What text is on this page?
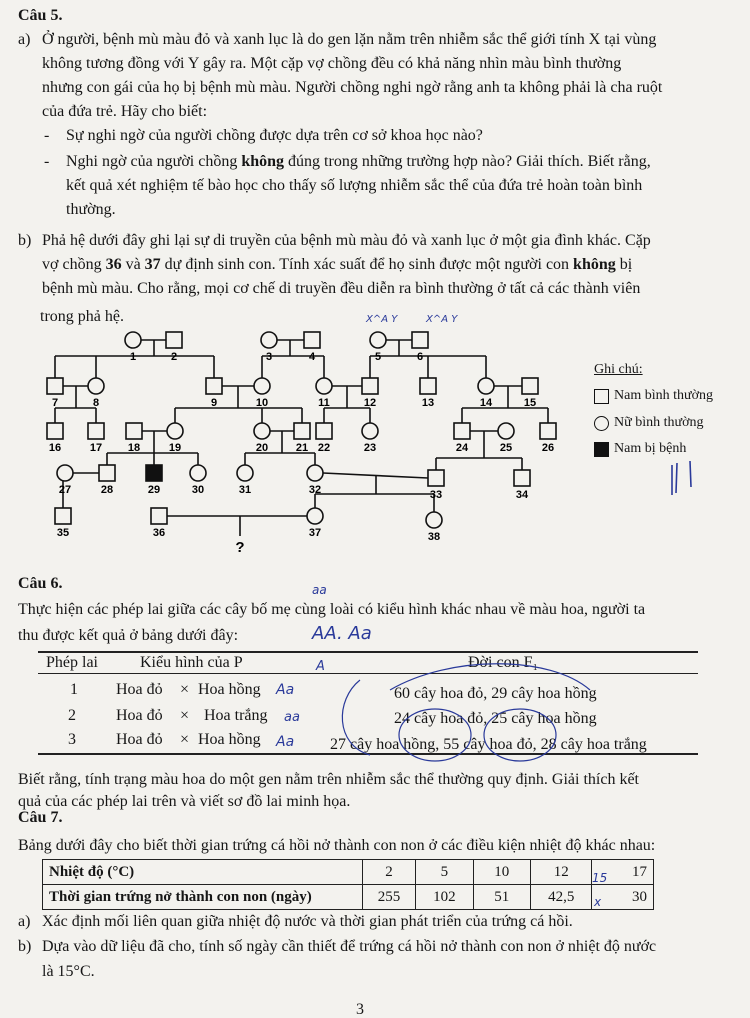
Câu 5.
a) Ở người, bệnh mù màu đỏ và xanh lục là do gen lặn nằm trên nhiễm sắc thể giới tính X tại vùng
không tương đồng với Y gây ra. Một cặp vợ chồng đều có khả năng nhìn màu bình thường
nhưng con gái của họ bị bệnh mù màu. Người chồng nghi ngờ rằng anh ta không phải là cha ruột
của đứa trẻ. Hãy cho biết:
- Sự nghi ngờ của người chồng được dựa trên cơ sở khoa học nào?
- Nghi ngờ của người chồng không đúng trong những trường hợp nào? Giải thích. Biết rằng,
kết quả xét nghiệm tế bào học cho thấy số lượng nhiễm sắc thể của đứa trẻ hoàn toàn bình
thường.
b) Phả hệ dưới đây ghi lại sự di truyền của bệnh mù màu đỏ và xanh lục ở một gia đình khác. Cặp
vợ chồng 36 và 37 dự định sinh con. Tính xác suất để họ sinh được một người con không bị
bệnh mù màu. Cho rằng, mọi cơ chế di truyền đều diễn ra bình thường ở tất cả các thành viên
trong phả hệ.
1	2	3	4	5	6
7	8	9	10	11	12	13	14	15
16	17 18	19	20	21 22	23	24	25	26
27	28	29	30	31	32	33	34
35	36	37	38
?
X^A Y	X^A Y
Ghi chú:
Nam bình thường
Nữ bình thường
Nam bị bệnh
Câu 6.	aa
Thực hiện các phép lai giữa các cây bố mẹ cùng loài có kiểu hình khác nhau về màu hoa, người ta
thu được kết quả ở bảng dưới đây:	AA. Aa
Phép lai	Kiểu hình của P	Đời con F₁
A
1 Hoa đỏ × Hoa hồng	60 cây hoa đỏ, 29 cây hoa hồng
Aa
2	Hoa đỏ × Hoa trắng	24 cây hoa đỏ, 25 cây hoa hồng
aa
3	Hoa đỏ × Hoa hồng	27 cây hoa hồng, 55 cây hoa đỏ, 28 cây hoa trắng
Aa
Biết rằng, tính trạng màu hoa do một gen nằm trên nhiễm sắc thể thường quy định. Giải thích kết
quả của các phép lai trên và viết sơ đồ lai minh họa.
Câu 7.
Bảng dưới đây cho biết thời gian trứng cá hồi nở thành con non ở các điều kiện nhiệt độ khác nhau:
Nhiệt độ (°C)	2	5	10	12	17
Thời gian trứng nở thành con non (ngày)	255	102	51	42,5	30
15
x
a) Xác định mối liên quan giữa nhiệt độ nước và thời gian phát triển của trứng cá hồi.
b) Dựa vào dữ liệu đã cho, tính số ngày cần thiết để trứng cá hồi nở thành con non ở nhiệt độ nước
là 15°C.
3
